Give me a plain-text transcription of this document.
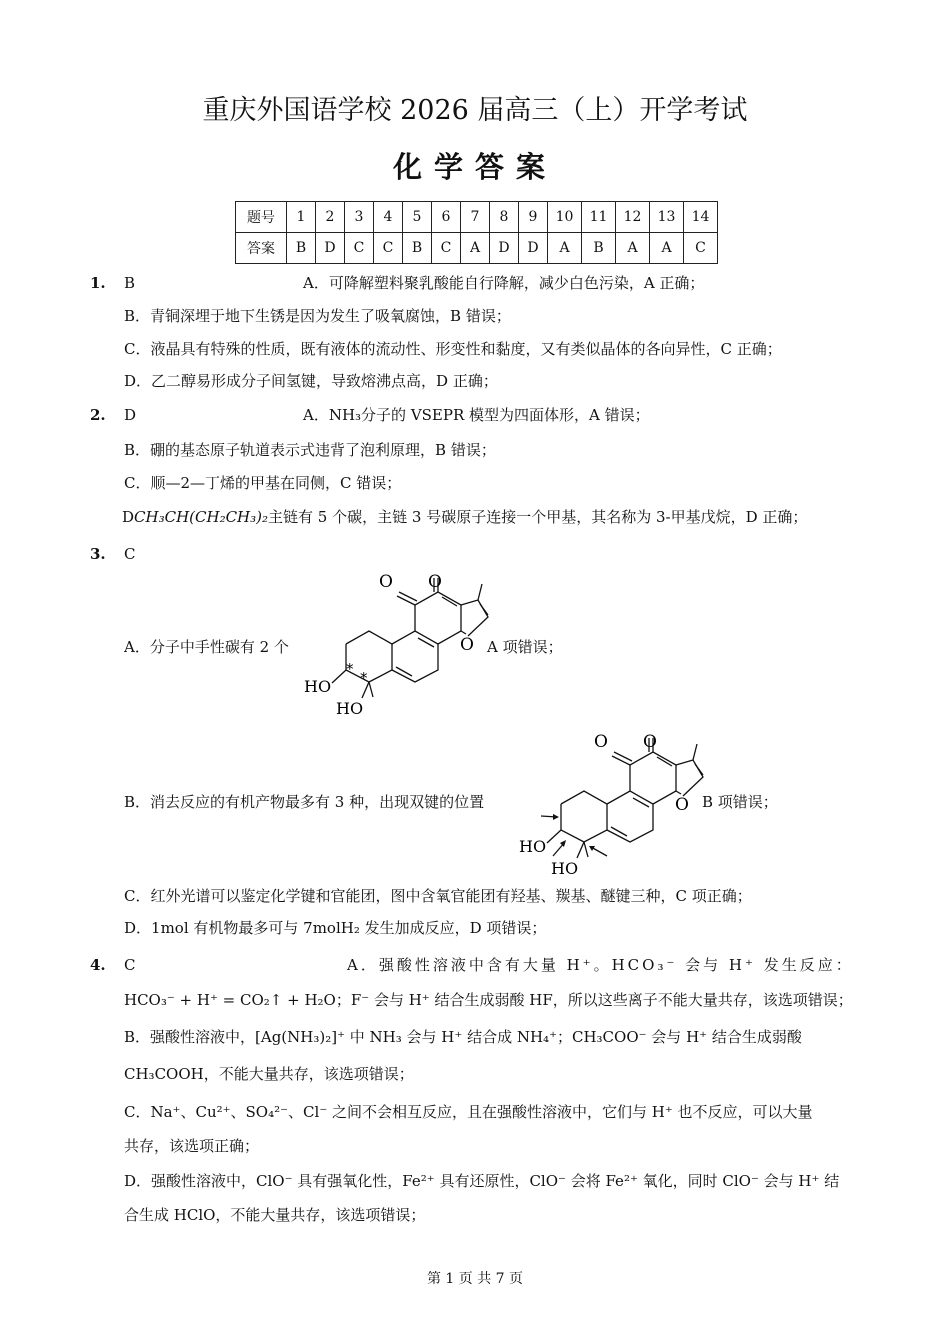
重庆外国语学校 2026 届高三（上）开学考试
化学答案
题号	1	2	3	4	5	6	7	8	9	10	11	12	13	14
答案	B	D	C	C	B	C	A	D	D	A	B	A	A	C
1. B	A．可降解塑料聚乳酸能自行降解，减少白色污染，A 正确；
B．青铜深埋于地下生锈是因为发生了吸氧腐蚀，B 错误；
C．液晶具有特殊的性质，既有液体的流动性、形变性和黏度，又有类似晶体的各向异性，C 正确；
D．乙二醇易形成分子间氢键，导致熔沸点高，D 正确；
2. D	A．NH₃分子的 VSEPR 模型为四面体形，A 错误；
B．硼的基态原子轨道表示式违背了泡利原理，B 错误；
C．顺—2—丁烯的甲基在同侧，C 错误；
DCH₃CH(CH₂CH₃)₂主链有 5 个碳，主链 3 号碳原子连接一个甲基，其名称为 3-甲基戊烷，D 正确；
3. C
A．分子中手性碳有 2 个
O O
O
HO
HO
* *
A 项错误；
B．消去反应的有机产物最多有 3 种，出现双键的位置
O O
O
HO
HO
B 项错误；
C．红外光谱可以鉴定化学键和官能团，图中含氧官能团有羟基、羰基、醚键三种，C 项正确；
D．1mol 有机物最多可与 7molH₂ 发生加成反应，D 项错误；
4. C	A．强酸性溶液中含有大量 H⁺。HCO₃⁻ 会与 H⁺ 发生反应：
HCO₃⁻ + H⁺ = CO₂↑ + H₂O；F⁻ 会与 H⁺ 结合生成弱酸 HF，所以这些离子不能大量共存，该选项错误；
B．强酸性溶液中，[Ag(NH₃)₂]⁺ 中 NH₃ 会与 H⁺ 结合成 NH₄⁺；CH₃COO⁻ 会与 H⁺ 结合生成弱酸
CH₃COOH，不能大量共存，该选项错误；
C．Na⁺、Cu²⁺、SO₄²⁻、Cl⁻ 之间不会相互反应，且在强酸性溶液中，它们与 H⁺ 也不反应，可以大量
共存，该选项正确；
D．强酸性溶液中，ClO⁻ 具有强氧化性，Fe²⁺ 具有还原性，ClO⁻ 会将 Fe²⁺ 氧化，同时 ClO⁻ 会与 H⁺ 结
合生成 HClO，不能大量共存，该选项错误；
第 1 页 共 7 页
